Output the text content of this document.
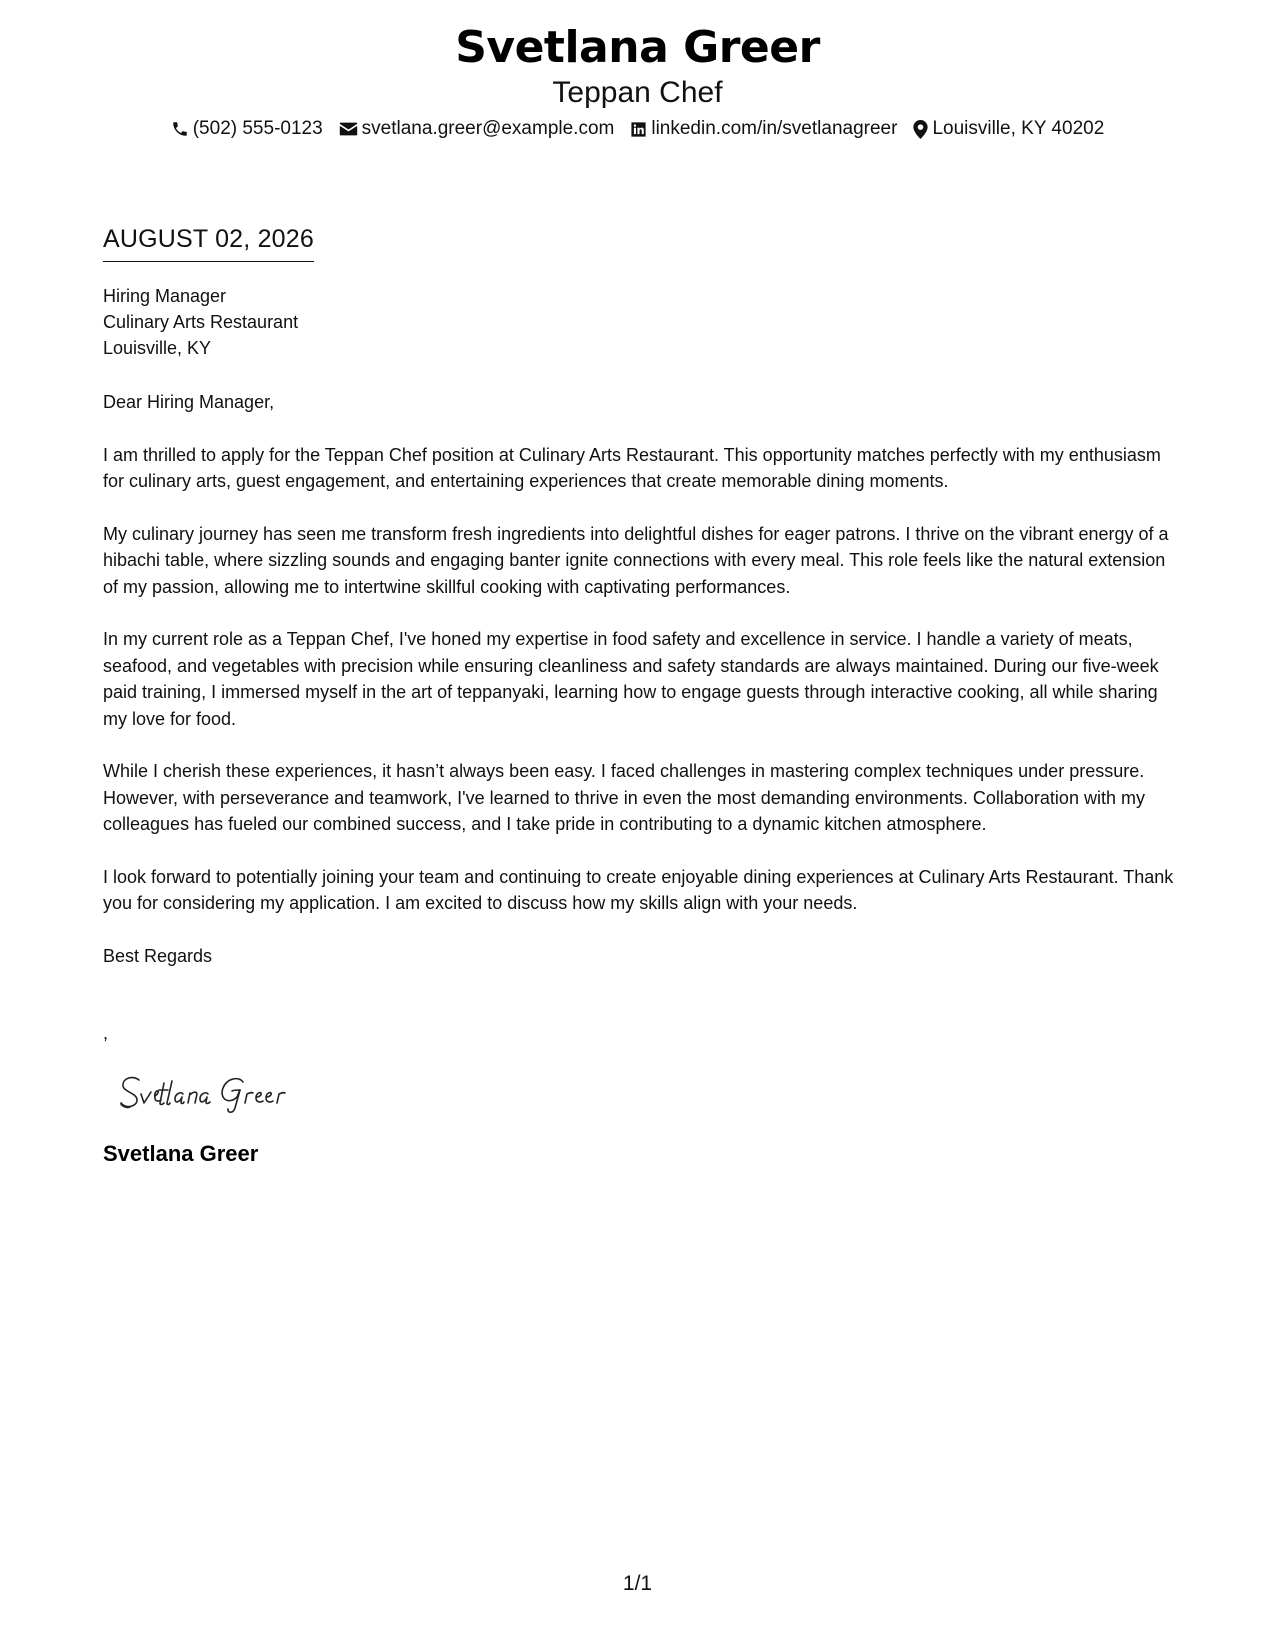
Svetlana Greer
Teppan Chef
(502) 555-0123 svetlana.greer@example.com linkedin.com/in/svetlanagreer Louisville, KY 40202
AUGUST 02, 2026
Hiring Manager
Culinary Arts Restaurant
Louisville, KY
Dear Hiring Manager,
I am thrilled to apply for the Teppan Chef position at Culinary Arts Restaurant. This opportunity matches perfectly with my enthusiasm for culinary arts, guest engagement, and entertaining experiences that create memorable dining moments.
My culinary journey has seen me transform fresh ingredients into delightful dishes for eager patrons. I thrive on the vibrant energy of a hibachi table, where sizzling sounds and engaging banter ignite connections with every meal. This role feels like the natural extension of my passion, allowing me to intertwine skillful cooking with captivating performances.
In my current role as a Teppan Chef, I've honed my expertise in food safety and excellence in service. I handle a variety of meats, seafood, and vegetables with precision while ensuring cleanliness and safety standards are always maintained. During our five-week paid training, I immersed myself in the art of teppanyaki, learning how to engage guests through interactive cooking, all while sharing my love for food.
While I cherish these experiences, it hasn’t always been easy. I faced challenges in mastering complex techniques under pressure. However, with perseverance and teamwork, I've learned to thrive in even the most demanding environments. Collaboration with my colleagues has fueled our combined success, and I take pride in contributing to a dynamic kitchen atmosphere.
I look forward to potentially joining your team and continuing to create enjoyable dining experiences at Culinary Arts Restaurant. Thank you for considering my application. I am excited to discuss how my skills align with your needs.
Best Regards
,
Svetlana Greer
1/1
